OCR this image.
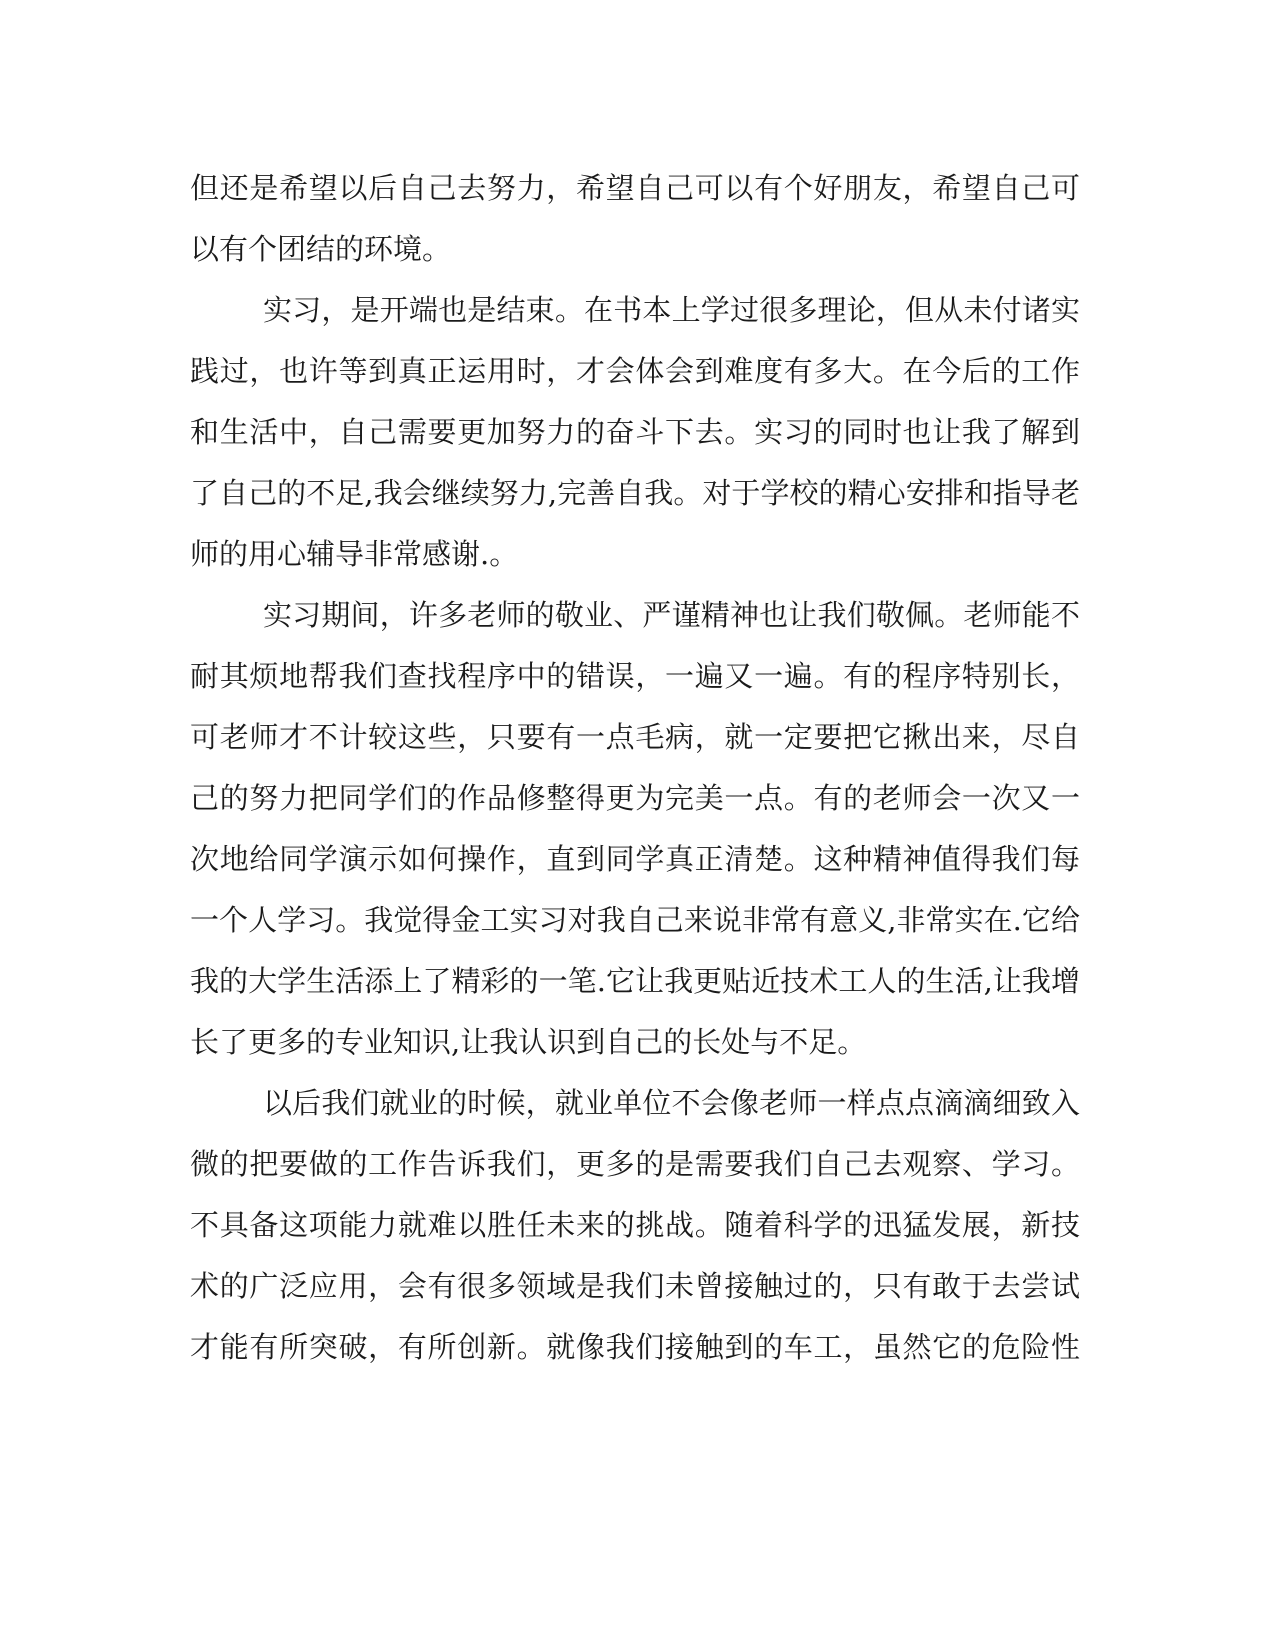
但还是希望以后自己去努力，希望自己可以有个好朋友，希望自己可
以有个团结的环境。
实习，是开端也是结束。在书本上学过很多理论，但从未付诸实
践过，也许等到真正运用时，才会体会到难度有多大。在今后的工作
和生活中，自己需要更加努力的奋斗下去。实习的同时也让我了解到
了自己的不足,我会继续努力,完善自我。对于学校的精心安排和指导老
师的用心辅导非常感谢.。
实习期间，许多老师的敬业、严谨精神也让我们敬佩。老师能不
耐其烦地帮我们查找程序中的错误，一遍又一遍。有的程序特别长，
可老师才不计较这些，只要有一点毛病，就一定要把它揪出来，尽自
己的努力把同学们的作品修整得更为完美一点。有的老师会一次又一
次地给同学演示如何操作，直到同学真正清楚。这种精神值得我们每
一个人学习。我觉得金工实习对我自己来说非常有意义,非常实在.它给
我的大学生活添上了精彩的一笔.它让我更贴近技术工人的生活,让我增
长了更多的专业知识,让我认识到自己的长处与不足。
以后我们就业的时候，就业单位不会像老师一样点点滴滴细致入
微的把要做的工作告诉我们，更多的是需要我们自己去观察、学习。
不具备这项能力就难以胜任未来的挑战。随着科学的迅猛发展，新技
术的广泛应用，会有很多领域是我们未曾接触过的，只有敢于去尝试
才能有所突破，有所创新。就像我们接触到的车工，虽然它的危险性
